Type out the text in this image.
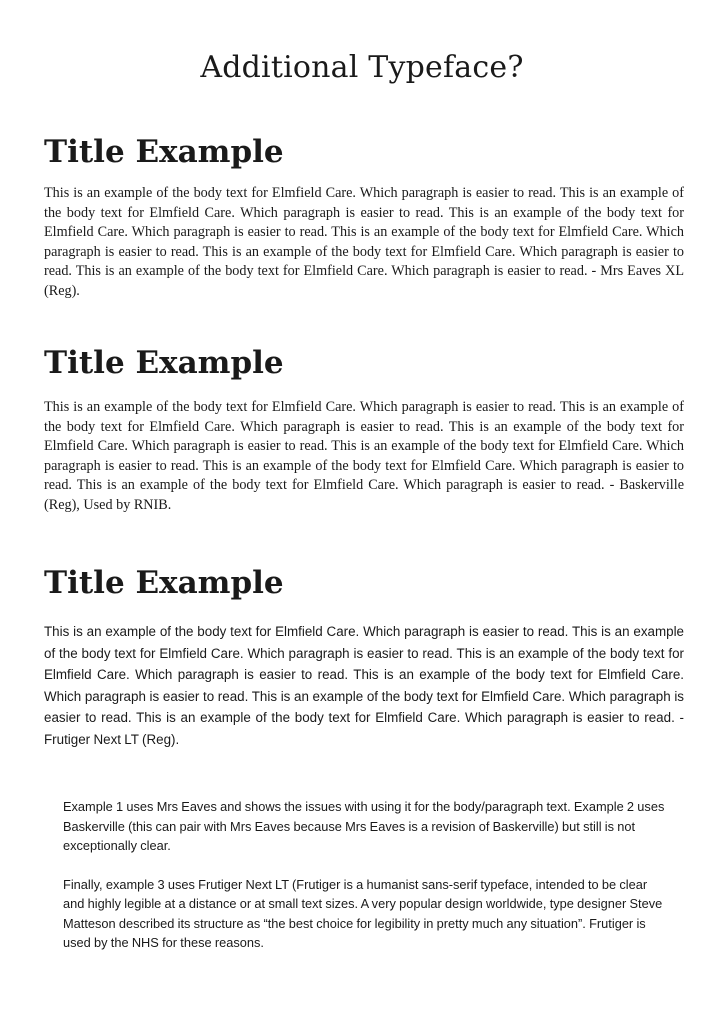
Additional Typeface?
Title Example

This is an example of the body text for Elmfield Care. Which paragraph is easier to read. This is an example of the body text for Elmfield Care. Which paragraph is easier to read. This is an example of the body text for Elmfield Care. Which paragraph is easier to read. This is an example of the body text for Elmfield Care. Which paragraph is easier to read. This is an example of the body text for Elmfield Care. Which paragraph is easier to read. This is an example of the body text for Elmfield Care. Which paragraph is easier to read. - Mrs Eaves XL (Reg).

Title Example

This is an example of the body text for Elmfield Care. Which paragraph is easier to read. This is an example of the body text for Elmfield Care. Which paragraph is easier to read. This is an example of the body text for Elmfield Care. Which paragraph is easier to read. This is an example of the body text for Elmfield Care. Which paragraph is easier to read. This is an example of the body text for Elmfield Care. Which paragraph is easier to read. This is an example of the body text for Elmfield Care. Which paragraph is easier to read. - Baskerville (Reg), Used by RNIB.

Title Example

This is an example of the body text for Elmfield Care. Which paragraph is easier to read. This is an example of the body text for Elmfield Care. Which paragraph is easier to read. This is an example of the body text for Elmfield Care. Which paragraph is easier to read. This is an example of the body text for Elmfield Care. Which paragraph is easier to read. This is an example of the body text for Elmfield Care. Which paragraph is easier to read. This is an example of the body text for Elmfield Care. Which paragraph is easier to read. - Frutiger Next LT (Reg).

Example 1 uses Mrs Eaves and shows the issues with using it for the body/paragraph text. Example 2 uses Baskerville (this can pair with Mrs Eaves because Mrs Eaves is a revision of Baskerville) but still is not exceptionally clear.

Finally, example 3 uses Frutiger Next LT (Frutiger is a humanist sans-serif typeface, intended to be clear and highly legible at a distance or at small text sizes. A very popular design worldwide, type designer Steve Matteson described its structure as “the best choice for legibility in pretty much any situation”. Frutiger is used by the NHS for these reasons.
